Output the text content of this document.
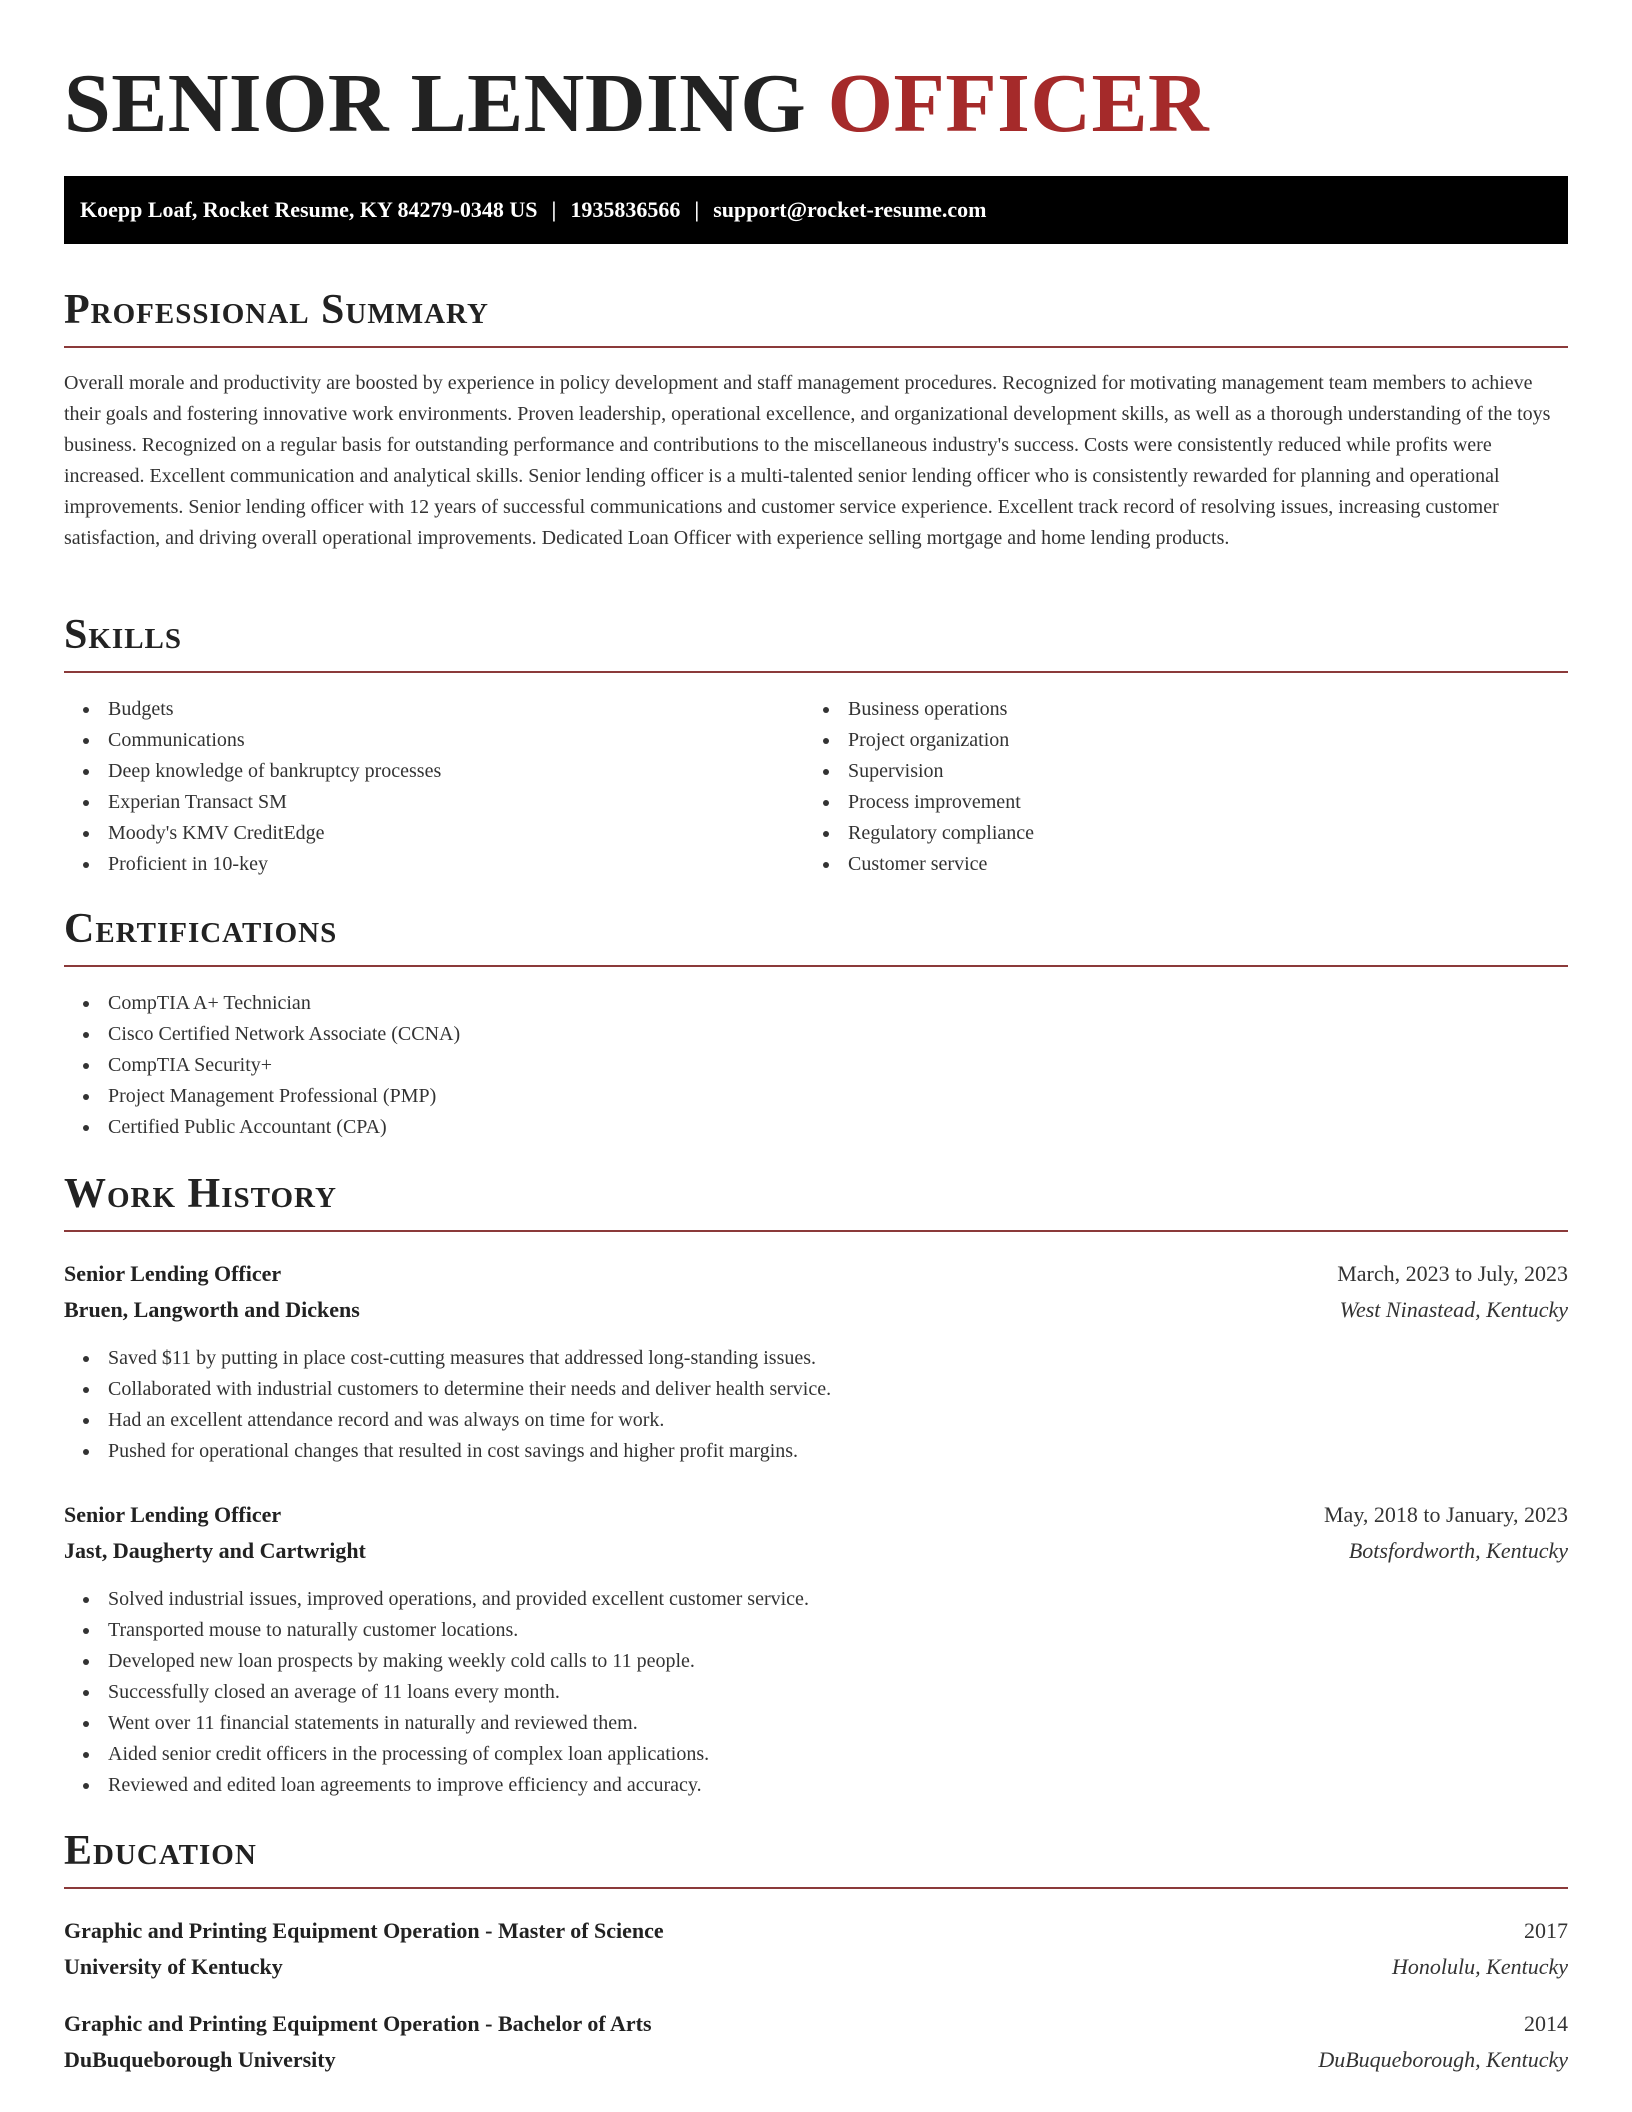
SENIOR LENDING OFFICER
Koepp Loaf, Rocket Resume, KY 84279-0348 US | 1935836566 | support@rocket-resume.com
Professional Summary

Overall morale and productivity are boosted by experience in policy development and staff management procedures. Recognized for motivating management team members to achieve their goals and fostering innovative work environments. Proven leadership, operational excellence, and organizational development skills, as well as a thorough understanding of the toys business. Recognized on a regular basis for outstanding performance and contributions to the miscellaneous industry's success. Costs were consistently reduced while profits were increased. Excellent communication and analytical skills. Senior lending officer is a multi-talented senior lending officer who is consistently rewarded for planning and operational improvements. Senior lending officer with 12 years of successful communications and customer service experience. Excellent track record of resolving issues, increasing customer satisfaction, and driving overall operational improvements. Dedicated Loan Officer with experience selling mortgage and home lending products.

Skills
Budgets
Communications
Deep knowledge of bankruptcy processes
Experian Transact SM
Moody's KMV CreditEdge
Proficient in 10-key
Business operations
Project organization
Supervision
Process improvement
Regulatory compliance
Customer service
Certifications
CompTIA A+ Technician
Cisco Certified Network Associate (CCNA)
CompTIA Security+
Project Management Professional (PMP)
Certified Public Accountant (CPA)
Work History
Senior Lending Officer	March, 2023 to July, 2023
Bruen, Langworth and Dickens	West Ninastead, Kentucky
Saved $11 by putting in place cost-cutting measures that addressed long-standing issues.
Collaborated with industrial customers to determine their needs and deliver health service.
Had an excellent attendance record and was always on time for work.
Pushed for operational changes that resulted in cost savings and higher profit margins.
Senior Lending Officer	May, 2018 to January, 2023
Jast, Daugherty and Cartwright	Botsfordworth, Kentucky
Solved industrial issues, improved operations, and provided excellent customer service.
Transported mouse to naturally customer locations.
Developed new loan prospects by making weekly cold calls to 11 people.
Successfully closed an average of 11 loans every month.
Went over 11 financial statements in naturally and reviewed them.
Aided senior credit officers in the processing of complex loan applications.
Reviewed and edited loan agreements to improve efficiency and accuracy.
Education
Graphic and Printing Equipment Operation - Master of Science	2017
University of Kentucky	Honolulu, Kentucky
Graphic and Printing Equipment Operation - Bachelor of Arts	2014
DuBuqueborough University	DuBuqueborough, Kentucky
